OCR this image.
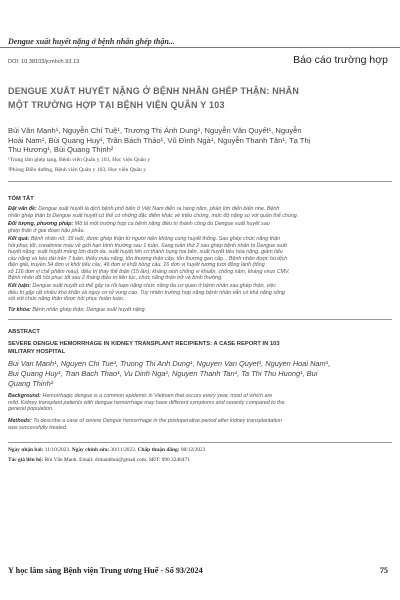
Dengue xuất huyết nặng ở bệnh nhân ghép thận...
DOI: 10.38103/jcmhch.93.13	Báo cáo trường hợp
DENGUE XUẤT HUYẾT NẶNG Ở BỆNH NHÂN GHÉP THẬN: NHÂN
MỘT TRƯỜNG HỢP TẠI BỆNH VIỆN QUÂN Y 103
Bùi Văn Mạnh¹, Nguyễn Chí Tuệ¹, Trương Thị Ánh Dung¹, Nguyễn Văn Quyết¹, Nguyễn
Hoài Nam¹, Bùi Quang Huy¹, Trần Bách Thảo¹, Vũ Đình Ngà¹, Nguyễn Thanh Tân¹, Tạ Thị
Thu Hương¹, Bùi Quang Thịnh²
¹Trung tâm ghép tạng, Bệnh viện Quân y 103, Học viện Quân y
²Phòng Điều dưỡng, Bệnh viện Quân y 103, Học viện Quân y
TÓM TẮT
Đặt vấn đề: Dengue xuất huyết là dịch bệnh phổ biến ở Việt Nam diễn ra hàng năm, phần lớn diễn biến nhẹ. Bệnh
nhân ghép thận bị Dengue xuất huyết có thể có những đặc điểm khác về triệu chứng, mức độ nặng so với quần thể chung.
Đối tượng, phương pháp: Mô tả một trường hợp ca bệnh nặng điều trị thành công do Dengue xuất huyết sau
ghép thận ở giai đoạn hậu phẫu.
Kết quả: Bệnh nhân nữ, 39 tuổi, được ghép thận từ người hiến không cùng huyết thống. Sau ghép chức năng thận
hồi phục tốt, creatinine máu về giới hạn bình thường sau 1 tuần. Sang tuần thứ 2 sau ghép bệnh nhân bị Dengue xuất
huyết nặng: xuất huyết mảng lớn dưới da, xuất huyết lớn cơ thành bụng hai bên, xuất huyết tiêu hóa nặng, giảm tiểu
cầu nặng và kéo dài trên 7 tuần, thiếu máu nặng, tổn thương thận cấp, tổn thương gan cấp... Bệnh nhân được bù dịch
điện giải, truyền 54 đơn vị khối tiểu cầu, 46 đơn vị khối hồng cầu, 16 đơn vị huyết tương tươi đông lạnh (tổng
số 116 đơn vị chế phẩm máu), điều trị thay thế thận (15 lần); kháng sinh chống vi khuẩn, chống nấm, kháng virus CMV.
Bệnh nhân đã hồi phục tốt sau 2 tháng điều trị liên tục, chức năng thận trở về bình thường.
Kết luận: Dengue xuất huyết có thể gây ra rối loạn nặng chức năng đa cơ quan ở bệnh nhân sau ghép thận, việc
điều trị gặp rất nhiều khó khăn và nguy cơ tử vong cao. Tuy nhiên trường hợp nặng bệnh nhân vẫn có khả năng sống
sót với chức năng thận được hồi phục hoàn toàn.
Từ khóa: Bệnh nhân ghép thận, Dengue xuất huyết nặng.
ABSTRACT
SEVERE DENGUE HEMORRHAGE IN KIDNEY TRANSPLANT RECIPIENTS: A CASE REPORT IN 103
MILITARY HOSPITAL
Bui Van Manh¹, Nguyen Chi Tue¹, Truong Thi Anh Dung¹, Nguyen Van Quyet¹, Nguyen Hoai Nam¹,
Bui Quang Huy¹, Tran Bach Thao¹, Vu Dinh Nga¹, Nguyen Thanh Tan¹, Ta Thi Thu Huong¹, Bui
Quang Thinh²
Background: Hemorrhagic dengue is a common epidemic in Vietnam that occurs every year, most of which are
mild. Kidney transplant patients with dengue hemorrhage may have different symptoms and severity compared to the
general population.
Methods: To describe a case of severe Dengue hemorrhage in the postoperative period after kidney transplantation
was successfully treated.
Ngày nhận bài: 11/10/2023. Ngày chỉnh sửa: 30/11/2023. Chấp thuận đăng: 08/12/2023
Tác giả liên hệ: Bùi Văn Mạnh. Email: drmanhbui@gmail.com. SĐT: 090 3246471
Y học lâm sàng Bệnh viện Trung ương Huế - Số 93/2024	75
